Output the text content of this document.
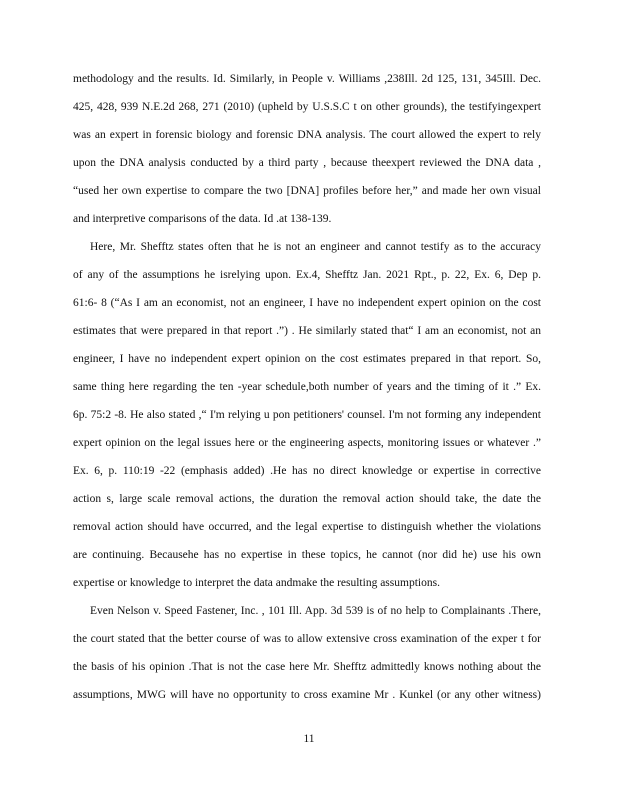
methodology and the results. Id. Similarly, in People v. Williams ,238Ill. 2d 125, 131, 345Ill. Dec.
425, 428, 939 N.E.2d 268, 271 (2010) (upheld by U.S.S.C t on other grounds), the testifyingexpert
was an expert in forensic biology and forensic DNA analysis. The court allowed the expert to rely
upon the DNA analysis conducted by a third party , because theexpert reviewed the DNA data ,
“used her own expertise to compare the two [DNA] profiles before her,” and made her own visual
and interpretive comparisons of the data. Id .at 138-139.
Here, Mr. Shefftz states often that he is not an engineer and cannot testify as to the accuracy
of any of the assumptions he isrelying upon. Ex.4, Shefftz Jan. 2021 Rpt., p. 22, Ex. 6, Dep p.
61:6- 8 (“As I am an economist, not an engineer, I have no independent expert opinion on the cost
estimates that were prepared in that report .”) . He similarly stated that“ I am an economist, not an
engineer, I have no independent expert opinion on the cost estimates prepared in that report. So,
same thing here regarding the ten -year schedule,both number of years and the timing of it .” Ex.
6p. 75:2 -8. He also stated ,“ I'm relying u pon petitioners' counsel. I'm not forming any independent
expert opinion on the legal issues here or the engineering aspects, monitoring issues or whatever .”
Ex. 6, p. 110:19 -22 (emphasis added) .He has no direct knowledge or expertise in corrective
action s, large scale removal actions, the duration the removal action should take, the date the
removal action should have occurred, and the legal expertise to distinguish whether the violations
are continuing. Becausehe has no expertise in these topics, he cannot (nor did he) use his own
expertise or knowledge to interpret the data andmake the resulting assumptions.
Even Nelson v. Speed Fastener, Inc. , 101 Ill. App. 3d 539 is of no help to Complainants .There,
the court stated that the better course of was to allow extensive cross examination of the exper t for
the basis of his opinion .That is not the case here Mr. Shefftz admittedly knows nothing about the
assumptions, MWG will have no opportunity to cross examine Mr . Kunkel (or any other witness)
11
